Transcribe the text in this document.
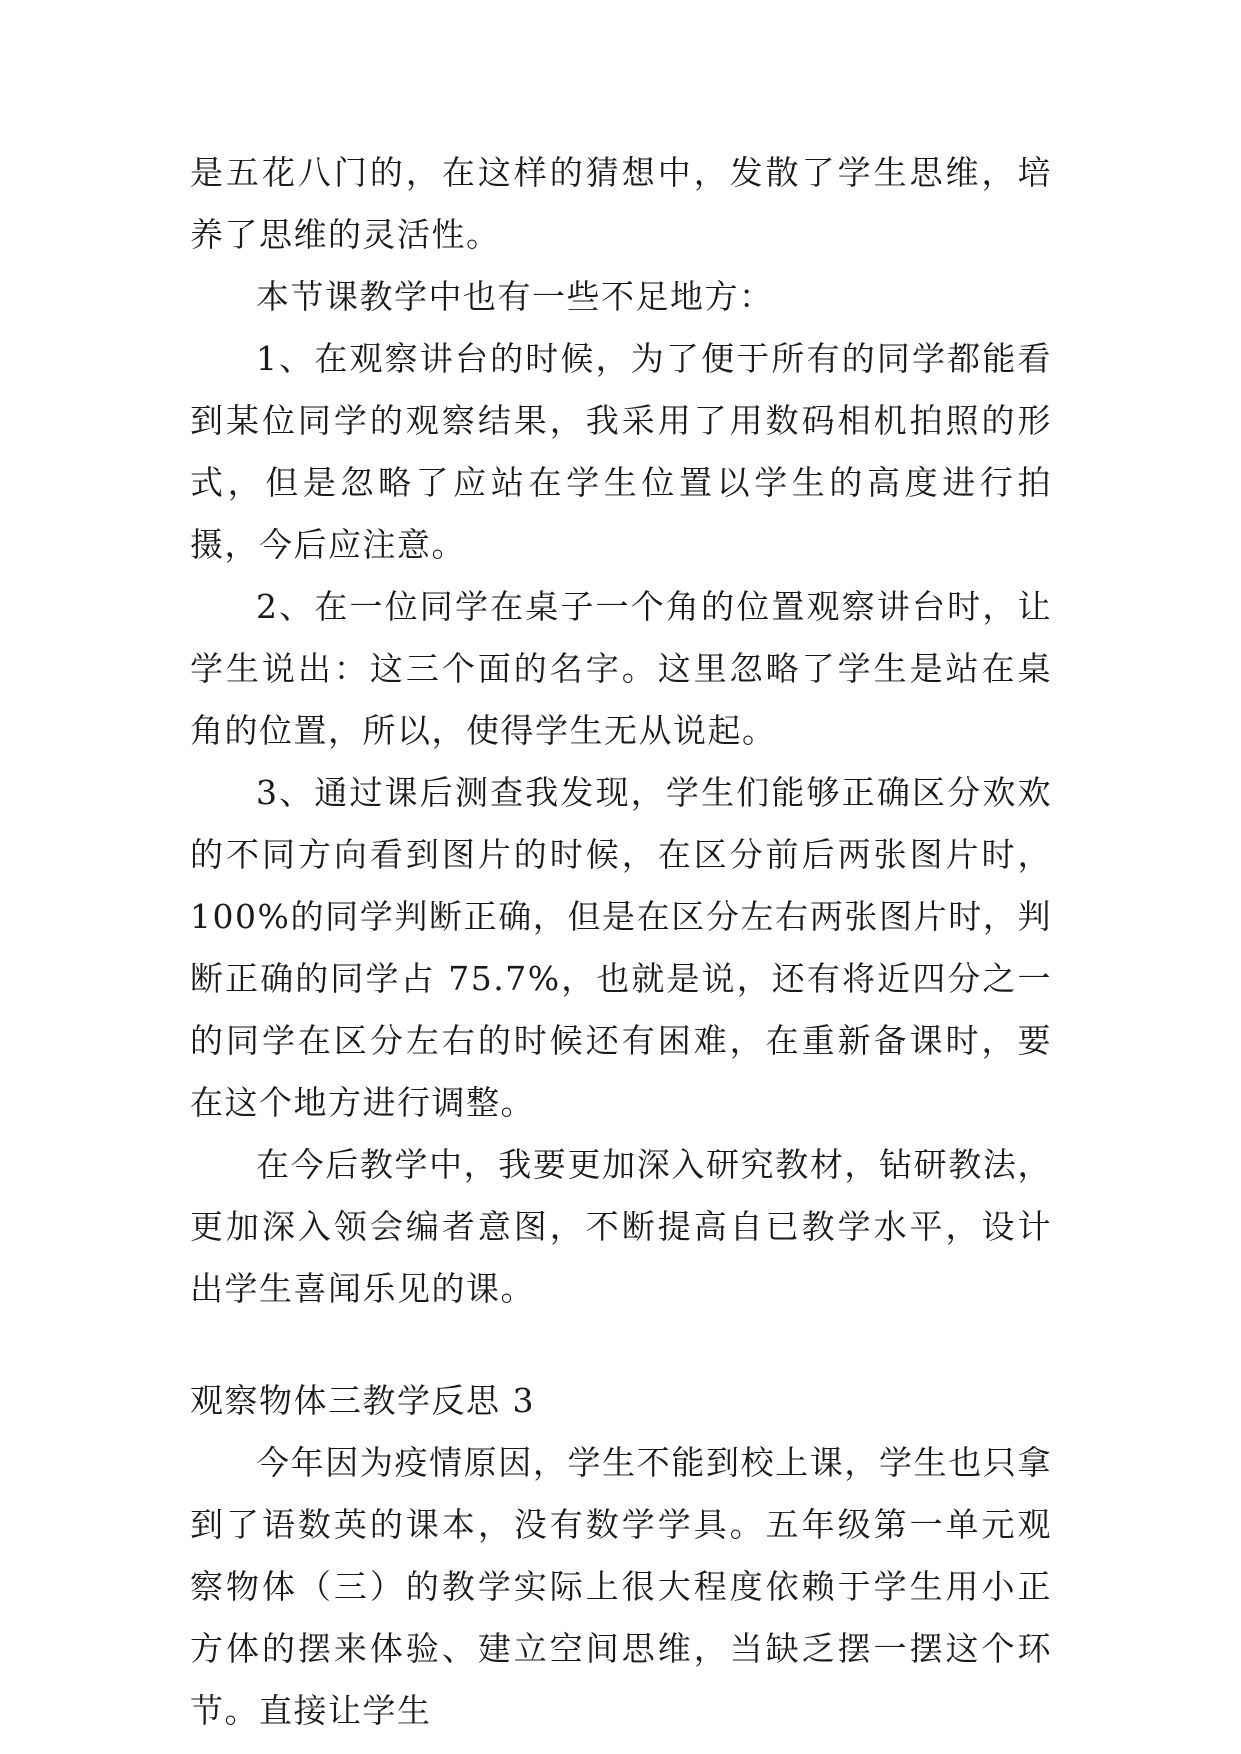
是五花八门的，在这样的猜想中，发散了学生思维，培养了思维的灵活性。

本节课教学中也有一些不足地方：

1、在观察讲台的时候，为了便于所有的同学都能看到某位同学的观察结果，我采用了用数码相机拍照的形式，但是忽略了应站在学生位置以学生的高度进行拍摄，今后应注意。

2、在一位同学在桌子一个角的位置观察讲台时，让学生说出：这三个面的名字。这里忽略了学生是站在桌角的位置，所以，使得学生无从说起。

3、通过课后测查我发现，学生们能够正确区分欢欢的不同方向看到图片的时候，在区分前后两张图片时，100%的同学判断正确，但是在区分左右两张图片时，判断正确的同学占 75.7%，也就是说，还有将近四分之一的同学在区分左右的时候还有困难，在重新备课时，要在这个地方进行调整。

在今后教学中，我要更加深入研究教材，钻研教法，更加深入领会编者意图，不断提高自已教学水平，设计出学生喜闻乐见的课。

观察物体三教学反思 3

今年因为疫情原因，学生不能到校上课，学生也只拿到了语数英的课本，没有数学学具。五年级第一单元观察物体（三）的教学实际上很大程度依赖于学生用小正方体的摆来体验、建立空间思维，当缺乏摆一摆这个环节。直接让学生
